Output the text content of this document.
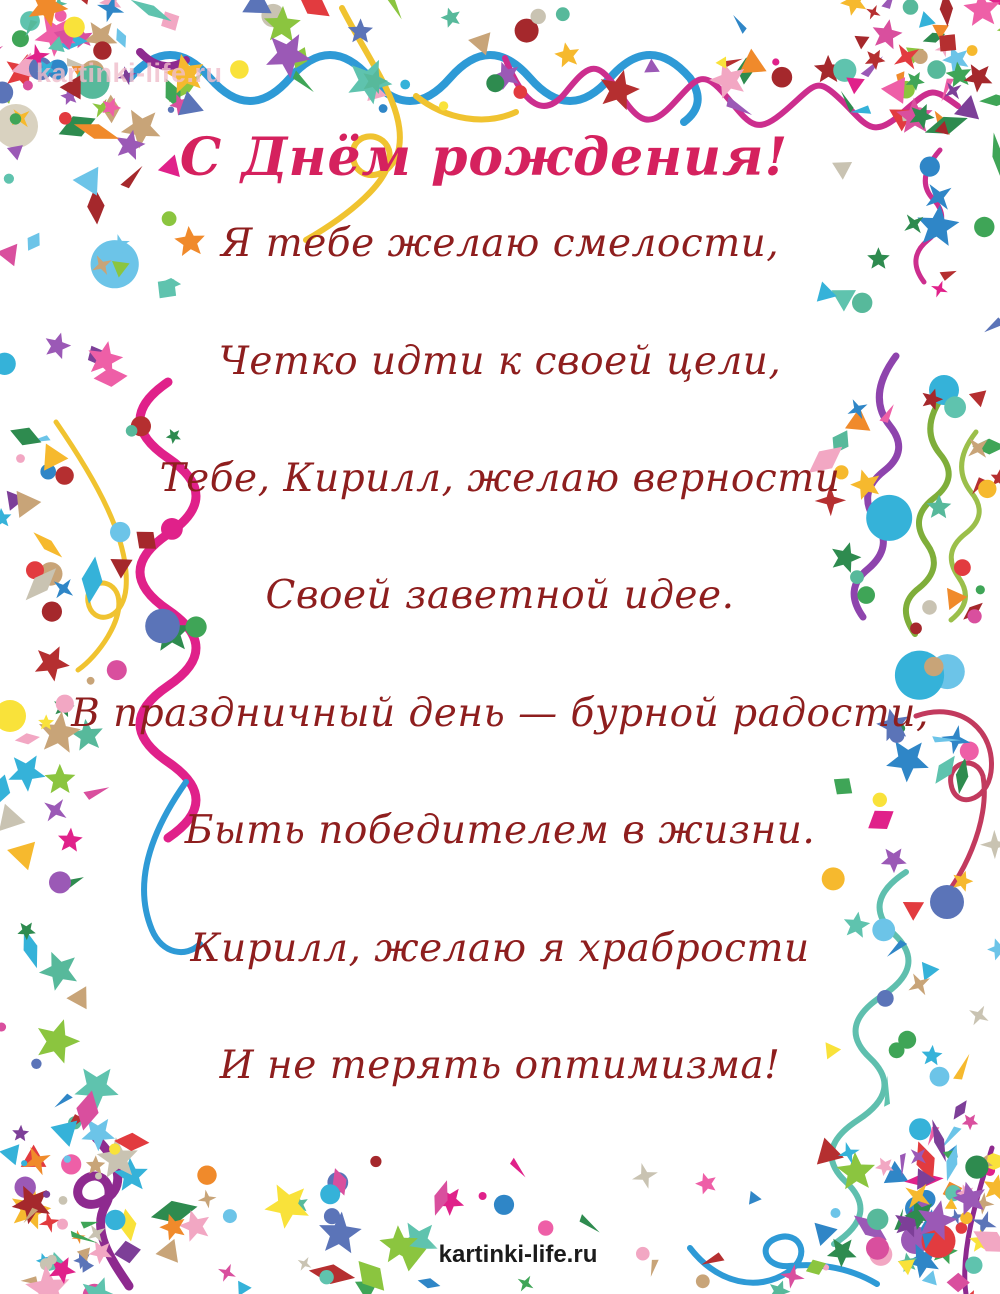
kartinki-life.ru
С Днём рождения!
Я тебе желаю смелости,
Четко идти к своей цели,
Тебе, Кирилл, желаю верности
Своей заветной идее.
В праздничный день — бурной радости,
Быть победителем в жизни.
Кирилл, желаю я храбрости
И не терять оптимизма!
kartinki-life.ru
